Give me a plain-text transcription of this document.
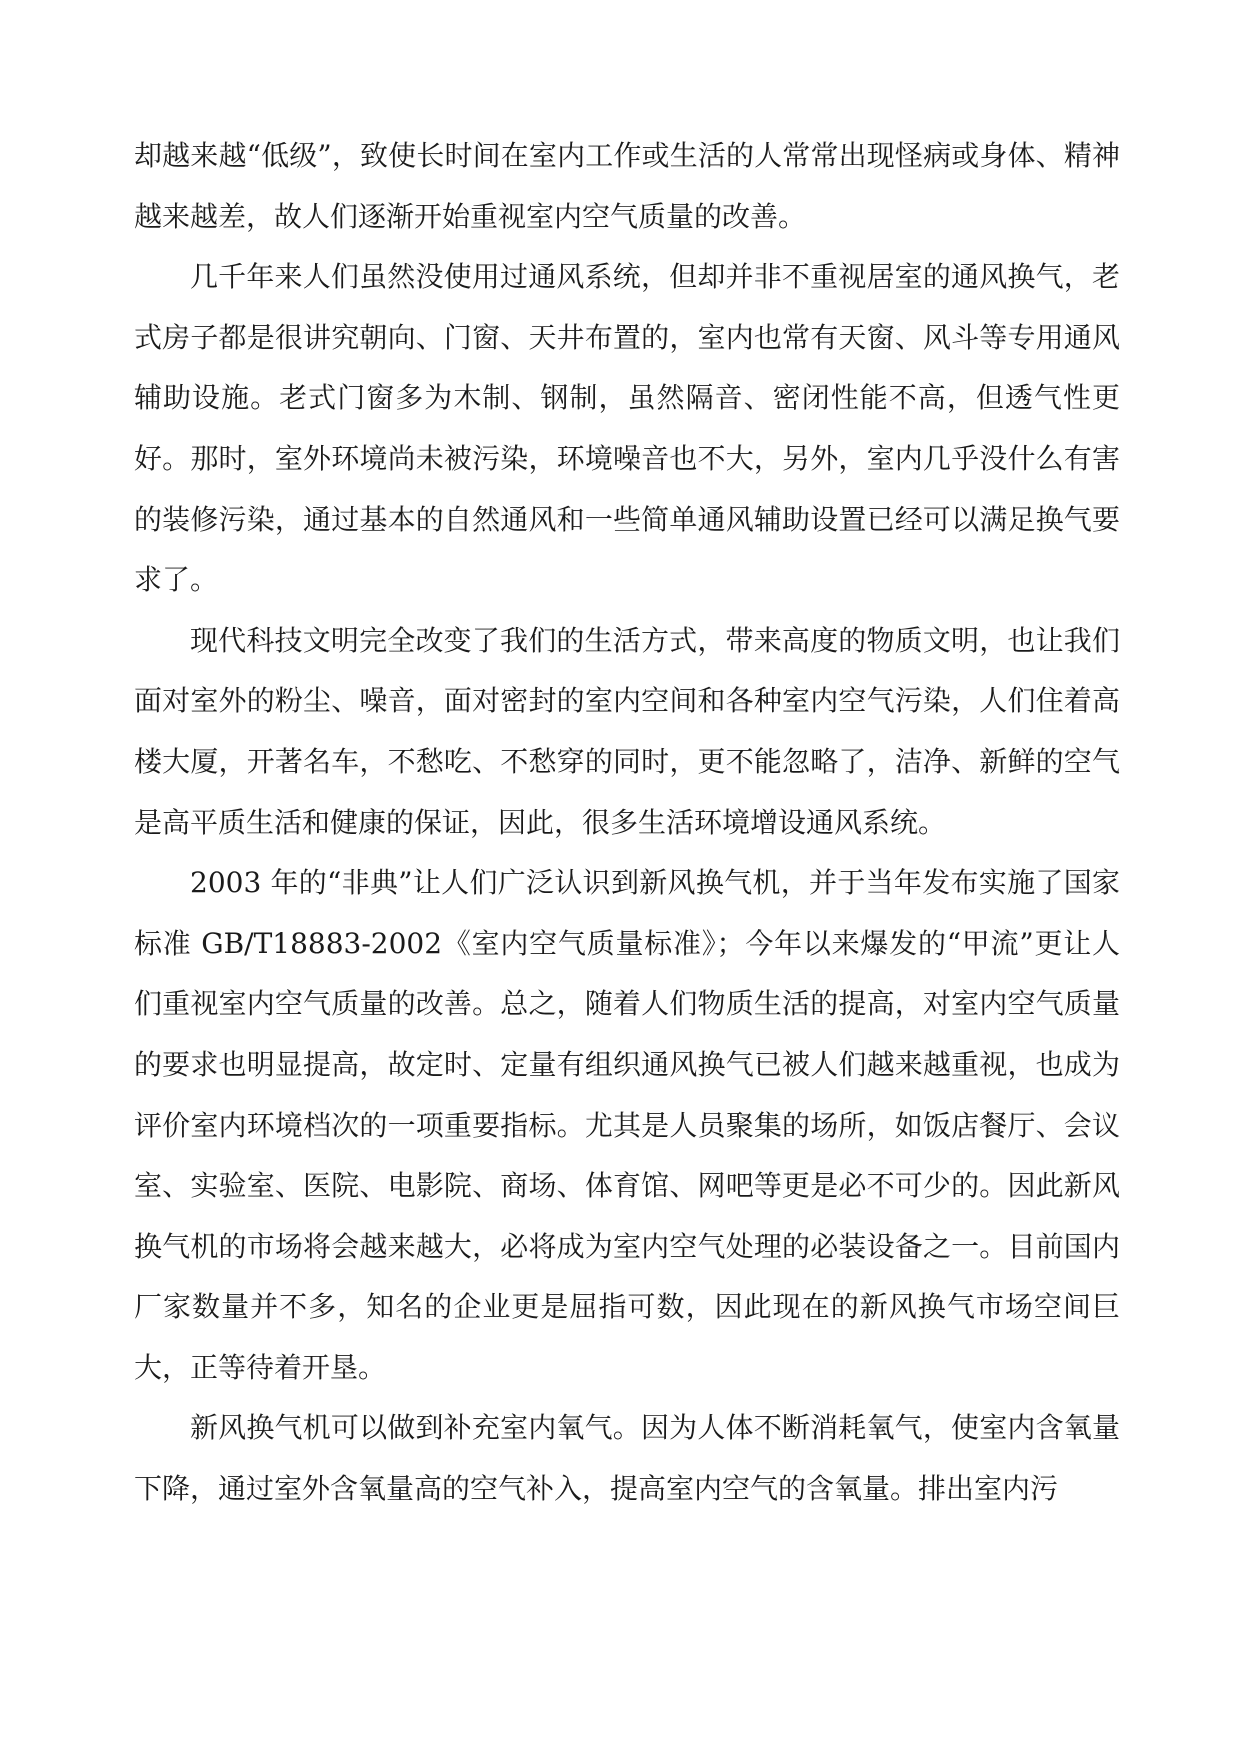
却越来越“低级”，致使长时间在室内工作或生活的人常常出现怪病或身体、精神越来越差，故人们逐渐开始重视室内空气质量的改善。

几千年来人们虽然没使用过通风系统，但却并非不重视居室的通风换气，老式房子都是很讲究朝向、门窗、天井布置的，室内也常有天窗、风斗等专用通风辅助设施。老式门窗多为木制、钢制，虽然隔音、密闭性能不高，但透气性更好。那时，室外环境尚未被污染，环境噪音也不大，另外，室内几乎没什么有害的装修污染，通过基本的自然通风和一些简单通风辅助设置已经可以满足换气要求了。

现代科技文明完全改变了我们的生活方式，带来高度的物质文明，也让我们面对室外的粉尘、噪音，面对密封的室内空间和各种室内空气污染，人们住着高楼大厦，开著名车，不愁吃、不愁穿的同时，更不能忽略了，洁净、新鲜的空气是高平质生活和健康的保证，因此，很多生活环境增设通风系统。

2003 年的“非典”让人们广泛认识到新风换气机，并于当年发布实施了国家标准 GB/T18883-2002《室内空气质量标准》；今年以来爆发的“甲流”更让人们重视室内空气质量的改善。总之，随着人们物质生活的提高，对室内空气质量的要求也明显提高，故定时、定量有组织通风换气已被人们越来越重视，也成为评价室内环境档次的一项重要指标。尤其是人员聚集的场所，如饭店餐厅、会议室、实验室、医院、电影院、商场、体育馆、网吧等更是必不可少的。因此新风换气机的市场将会越来越大，必将成为室内空气处理的必装设备之一。目前国内厂家数量并不多，知名的企业更是屈指可数，因此现在的新风换气市场空间巨大，正等待着开垦。

新风换气机可以做到补充室内氧气。因为人体不断消耗氧气，使室内含氧量下降，通过室外含氧量高的空气补入，提高室内空气的含氧量。排出室内污
